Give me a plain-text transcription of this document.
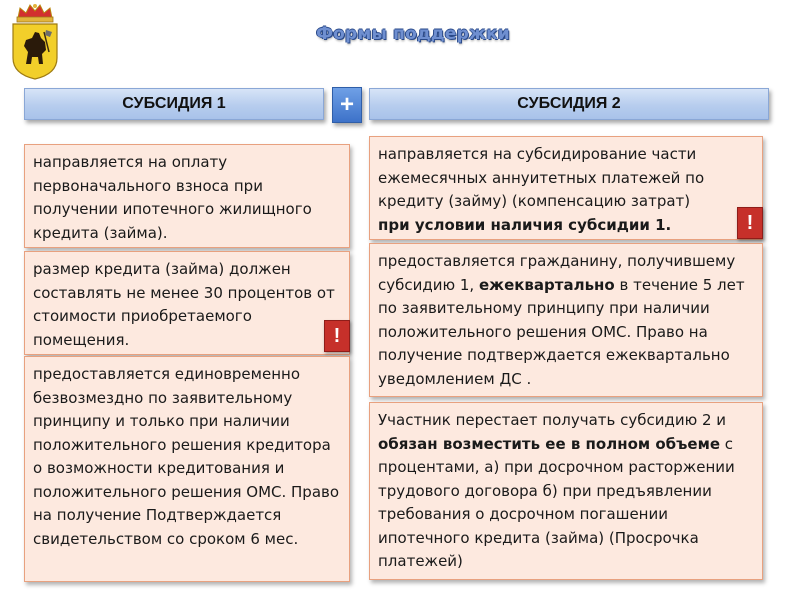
Формы поддержки
СУБСИДИЯ 1	+	СУБСИДИЯ 2
направляется на оплату первоначального взноса при получении ипотечного жилищного кредита (займа).
размер кредита (займа) должен составлять не менее 30 процентов от стоимости приобретаемого помещения.
предоставляется единовременно безвозмездно по заявительному принципу и только при наличии положительного решения кредитора о возможности кредитования и положительного решения ОМС. Право на получение Подтверждается свидетельством со сроком 6 мес.
направляется на субсидирование части ежемесячных аннуитетных платежей по кредиту (займу) (компенсацию затрат)
при условии наличия субсидии 1.
предоставляется гражданину, получившему субсидию 1, ежеквартально в течение 5 лет по заявительному принципу при наличии положительного решения ОМС. Право на получение подтверждается ежеквартально уведомлением ДС .
Участник перестает получать субсидию 2 и обязан возместить ее в полном объеме с процентами, а) при досрочном расторжении трудового договора б) при предъявлении требования о досрочном погашении ипотечного кредита (займа) (Просрочка платежей)
!
!
